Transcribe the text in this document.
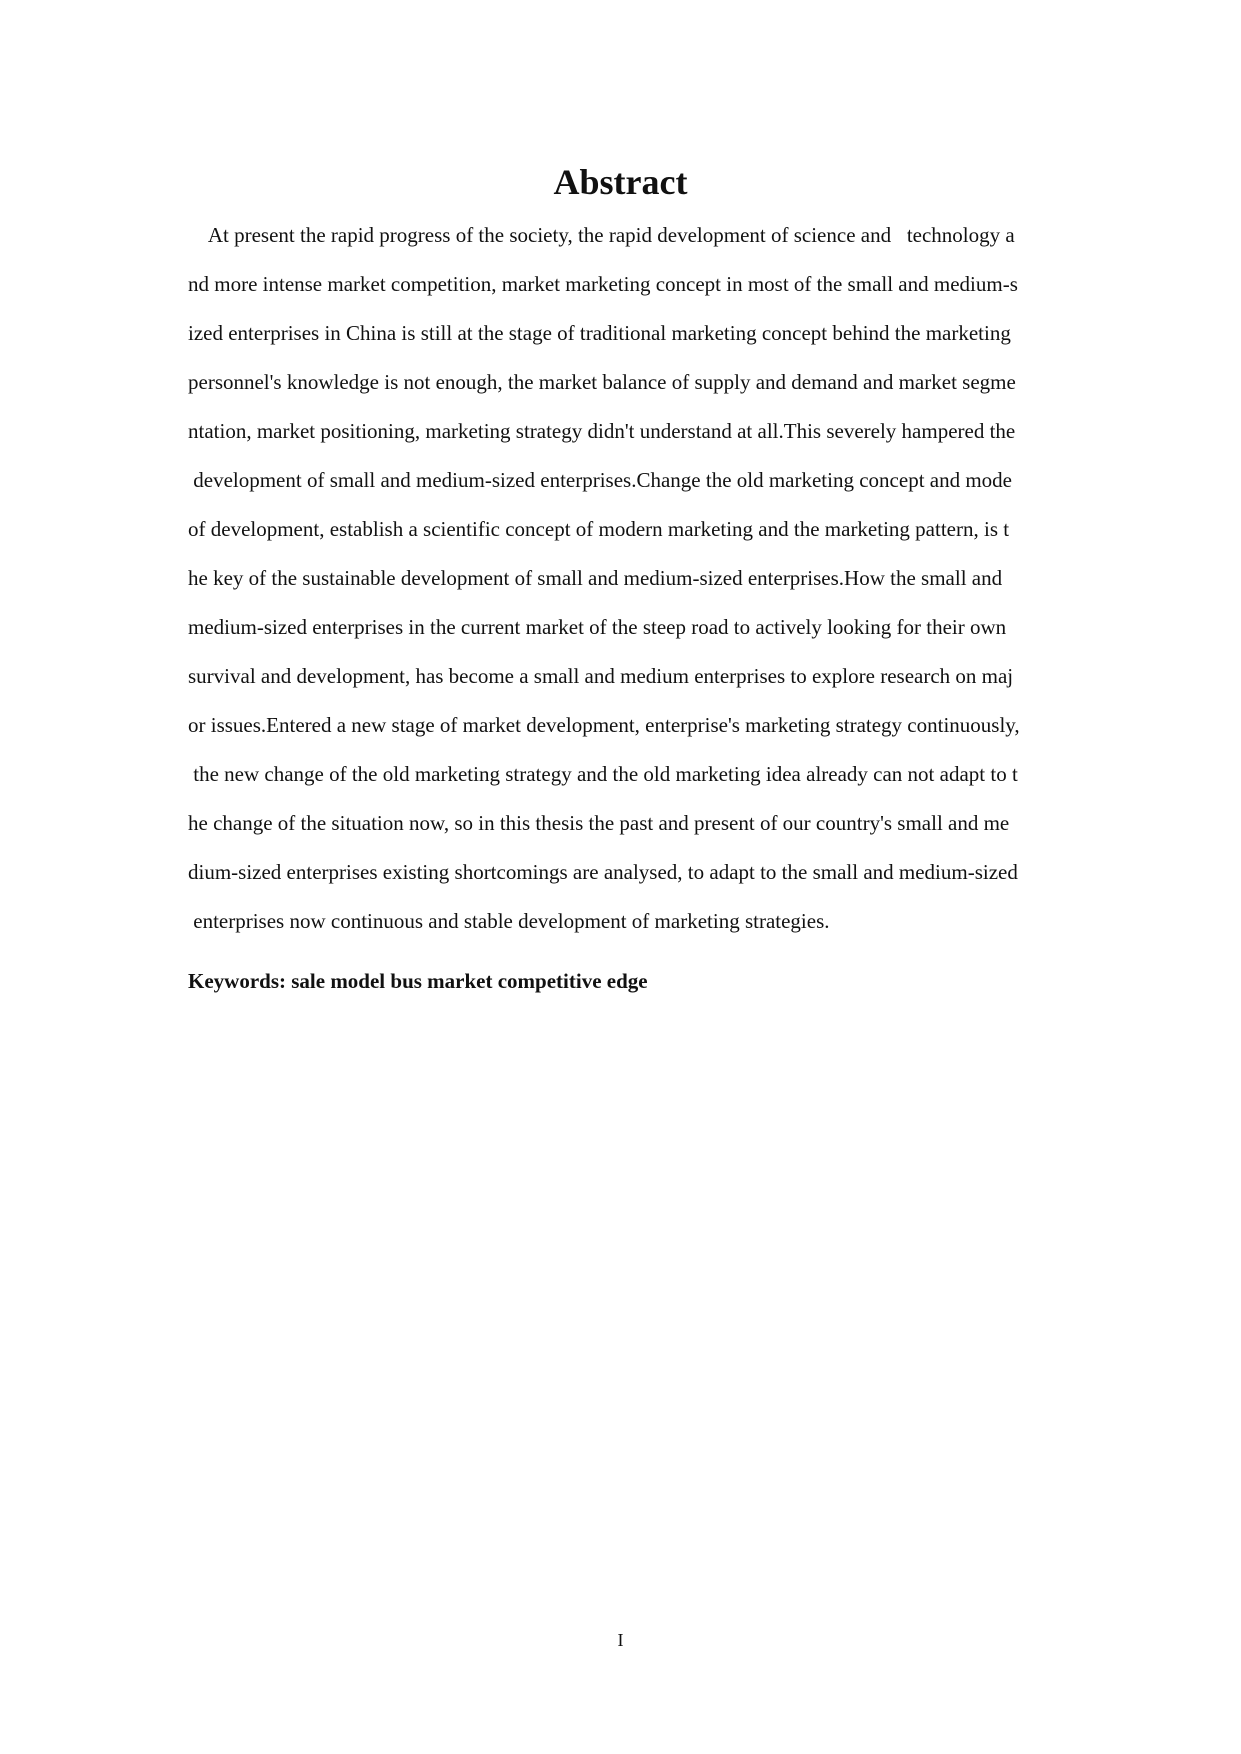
Abstract
At present the rapid progress of the society, the rapid development of science and   technology a
nd more intense market competition, market marketing concept in most of the small and medium-s
ized enterprises in China is still at the stage of traditional marketing concept behind the marketing
personnel's knowledge is not enough, the market balance of supply and demand and market segme
ntation, market positioning, marketing strategy didn't understand at all.This severely hampered the
development of small and medium-sized enterprises.Change the old marketing concept and mode
of development, establish a scientific concept of modern marketing and the marketing pattern, is t
he key of the sustainable development of small and medium-sized enterprises.How the small and
medium-sized enterprises in the current market of the steep road to actively looking for their own
survival and development, has become a small and medium enterprises to explore research on maj
or issues.Entered a new stage of market development, enterprise's marketing strategy continuously,
the new change of the old marketing strategy and the old marketing idea already can not adapt to t
he change of the situation now, so in this thesis the past and present of our country's small and me
dium-sized enterprises existing shortcomings are analysed, to adapt to the small and medium-sized
enterprises now continuous and stable development of marketing strategies.
Keywords: sale model bus market competitive edge
I
